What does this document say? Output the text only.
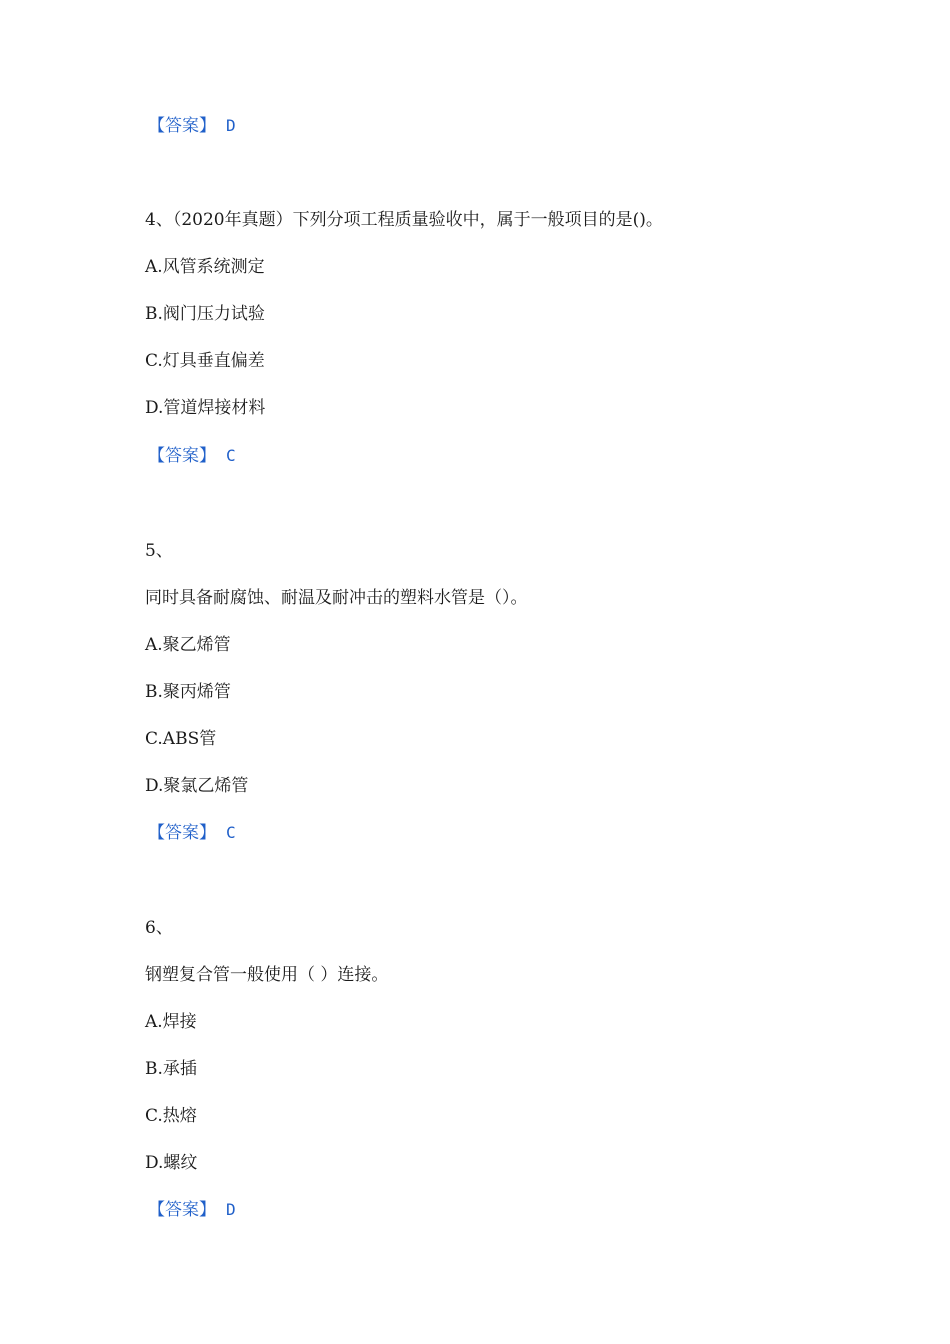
【答案】 D
4、（2020年真题）下列分项工程质量验收中，属于一般项目的是()。
A.风管系统测定
B.阀门压力试验
C.灯具垂直偏差
D.管道焊接材料
【答案】 C
5、
同时具备耐腐蚀、耐温及耐冲击的塑料水管是（）。
A.聚乙烯管
B.聚丙烯管
C.ABS管
D.聚氯乙烯管
【答案】 C
6、
钢塑复合管一般使用（ ）连接。
A.焊接
B.承插
C.热熔
D.螺纹
【答案】 D
